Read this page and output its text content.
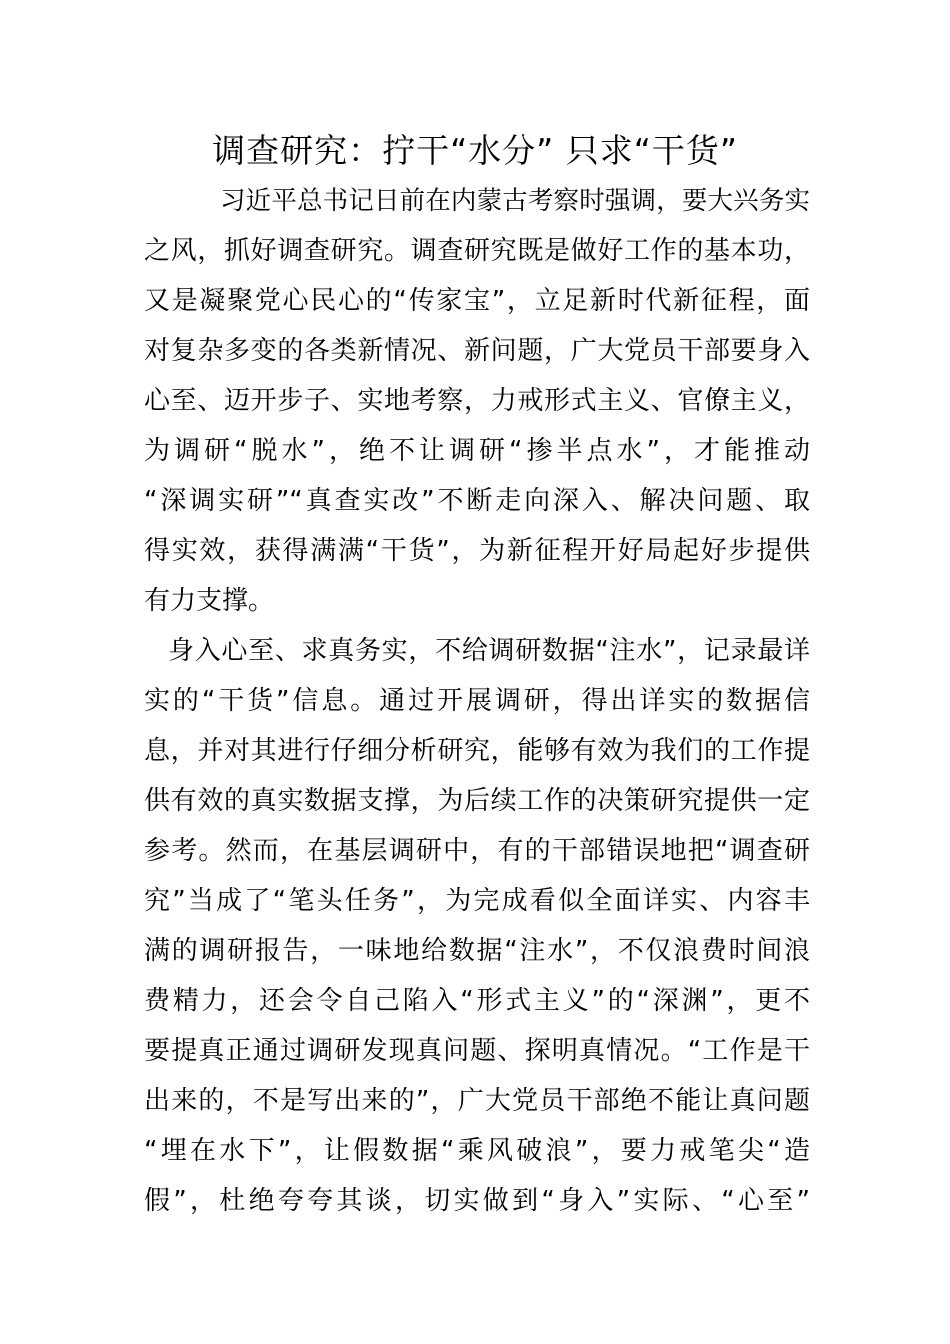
调查研究：拧干“水分” 只求“干货”
习近平总书记日前在内蒙古考察时强调，要大兴务实
之风，抓好调查研究。调查研究既是做好工作的基本功，
又是凝聚党心民心的“传家宝”，立足新时代新征程，面
对复杂多变的各类新情况、新问题，广大党员干部要身入
心至、迈开步子、实地考察，力戒形式主义、官僚主义，
为调研“脱水”，绝不让调研“掺半点水”，才能推动
“深调实研”“真查实改”不断走向深入、解决问题、取
得实效，获得满满“干货”，为新征程开好局起好步提供
有力支撑。
身入心至、求真务实，不给调研数据“注水”，记录最详
实的“干货”信息。通过开展调研，得出详实的数据信
息，并对其进行仔细分析研究，能够有效为我们的工作提
供有效的真实数据支撑，为后续工作的决策研究提供一定
参考。然而，在基层调研中，有的干部错误地把“调查研
究”当成了“笔头任务”，为完成看似全面详实、内容丰
满的调研报告，一味地给数据“注水”，不仅浪费时间浪
费精力，还会令自己陷入“形式主义”的“深渊”，更不
要提真正通过调研发现真问题、探明真情况。“工作是干
出来的，不是写出来的”，广大党员干部绝不能让真问题
“埋在水下”，让假数据“乘风破浪”，要力戒笔尖“造
假”，杜绝夸夸其谈，切实做到“身入”实际、“心至”
